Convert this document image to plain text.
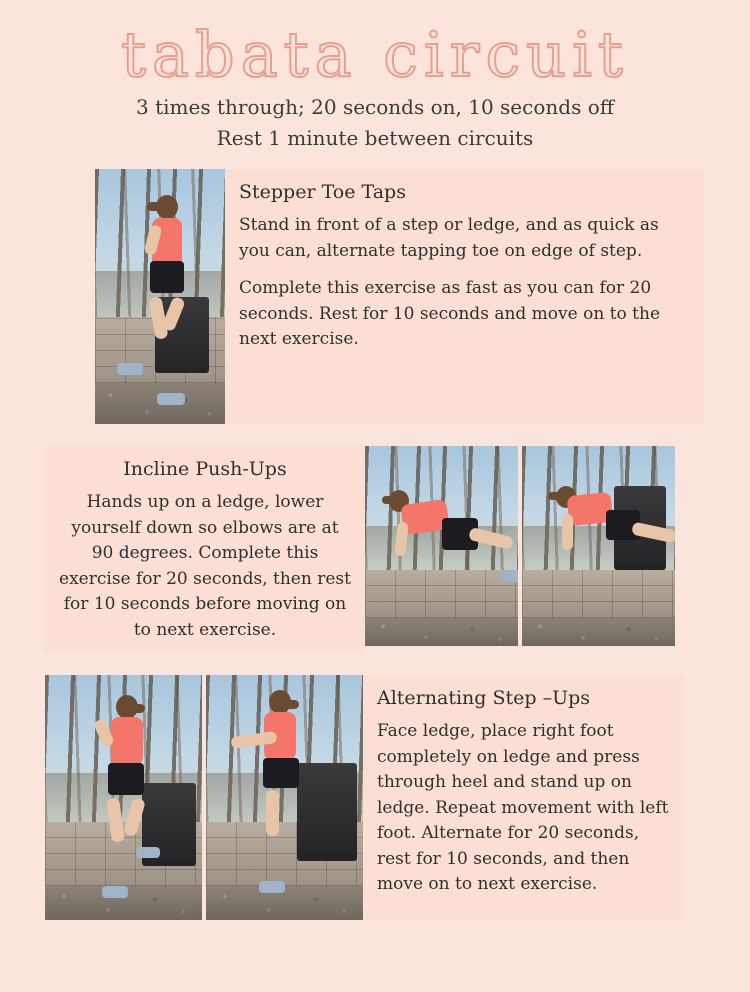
tabata circuit
3 times through; 20 seconds on, 10 seconds off
Rest 1 minute between circuits
Stepper Toe Taps

Stand in front of a step or ledge, and as quick as you can, alternate tapping toe on edge of step.

Complete this exercise as fast as you can for 20 seconds. Rest for 10 seconds and move on to the next exercise.

Incline Push-Ups

Hands up on a ledge, lower yourself down so elbows are at 90 degrees. Complete this exercise for 20 seconds, then rest for 10 seconds before moving on to next exercise.

Alternating Step –Ups

Face ledge, place right foot completely on ledge and press through heel and stand up on ledge. Repeat movement with left foot. Alternate for 20 seconds, rest for 10 seconds, and then move on to next exercise.
